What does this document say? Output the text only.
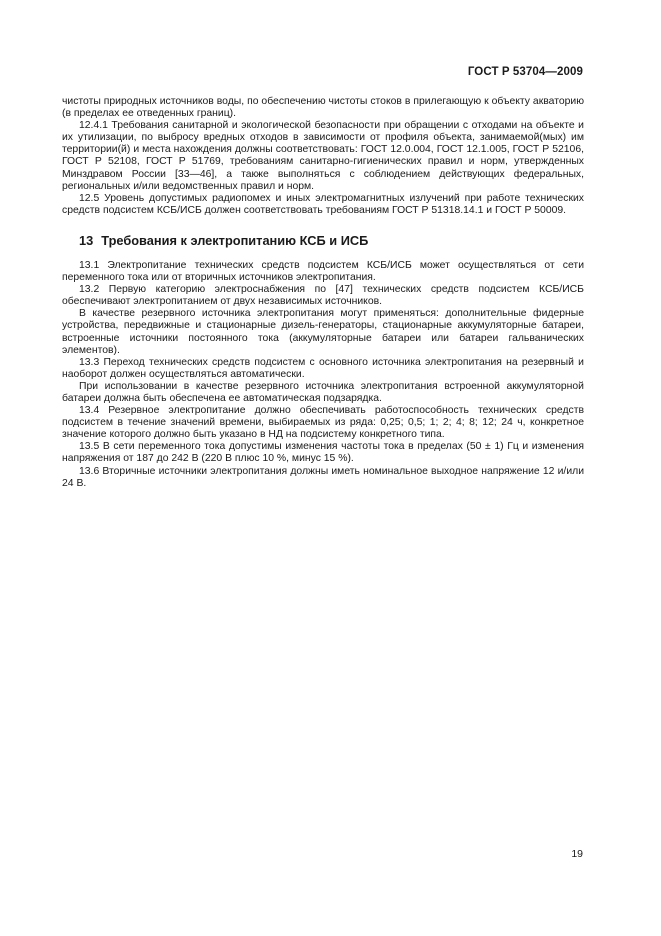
ГОСТ Р 53704—2009

чистоты природных источников воды, по обеспечению чистоты стоков в прилегающую к объекту акваторию (в пределах ее отведенных границ).

12.4.1 Требования санитарной и экологической безопасности при обращении с отходами на объекте и их утилизации, по выбросу вредных отходов в зависимости от профиля объекта, занимаемой(мых) им территории(й) и места нахождения должны соответствовать: ГОСТ 12.0.004, ГОСТ 12.1.005, ГОСТ Р 52106, ГОСТ Р 52108, ГОСТ Р 51769, требованиям санитарно-гигиенических правил и норм, утвержденных Минздравом России [33—46], а также выполняться с соблюдением действующих федеральных, региональных и/или ведомственных правил и норм.

12.5 Уровень допустимых радиопомех и иных электромагнитных излучений при работе технических средств подсистем КСБ/ИСБ должен соответствовать требованиям ГОСТ Р 51318.14.1 и ГОСТ Р 50009.

13 Требования к электропитанию КСБ и ИСБ

13.1 Электропитание технических средств подсистем КСБ/ИСБ может осуществляться от сети переменного тока или от вторичных источников электропитания.

13.2 Первую категорию электроснабжения по [47] технических средств подсистем КСБ/ИСБ обеспечивают электропитанием от двух независимых источников.

В качестве резервного источника электропитания могут применяться: дополнительные фидерные устройства, передвижные и стационарные дизель-генераторы, стационарные аккумуляторные батареи, встроенные источники постоянного тока (аккумуляторные батареи или батареи гальванических элементов).

13.3 Переход технических средств подсистем с основного источника электропитания на резервный и наоборот должен осуществляться автоматически.

При использовании в качестве резервного источника электропитания встроенной аккумуляторной батареи должна быть обеспечена ее автоматическая подзарядка.

13.4 Резервное электропитание должно обеспечивать работоспособность технических средств подсистем в течение значений времени, выбираемых из ряда: 0,25; 0,5; 1; 2; 4; 8; 12; 24 ч, конкретное значение которого должно быть указано в НД на подсистему конкретного типа.

13.5 В сети переменного тока допустимы изменения частоты тока в пределах (50 ± 1) Гц и изменения напряжения от 187 до 242 В (220 В плюс 10 %, минус 15 %).

13.6 Вторичные источники электропитания должны иметь номинальное выходное напряжение 12 и/или 24 В.

19
